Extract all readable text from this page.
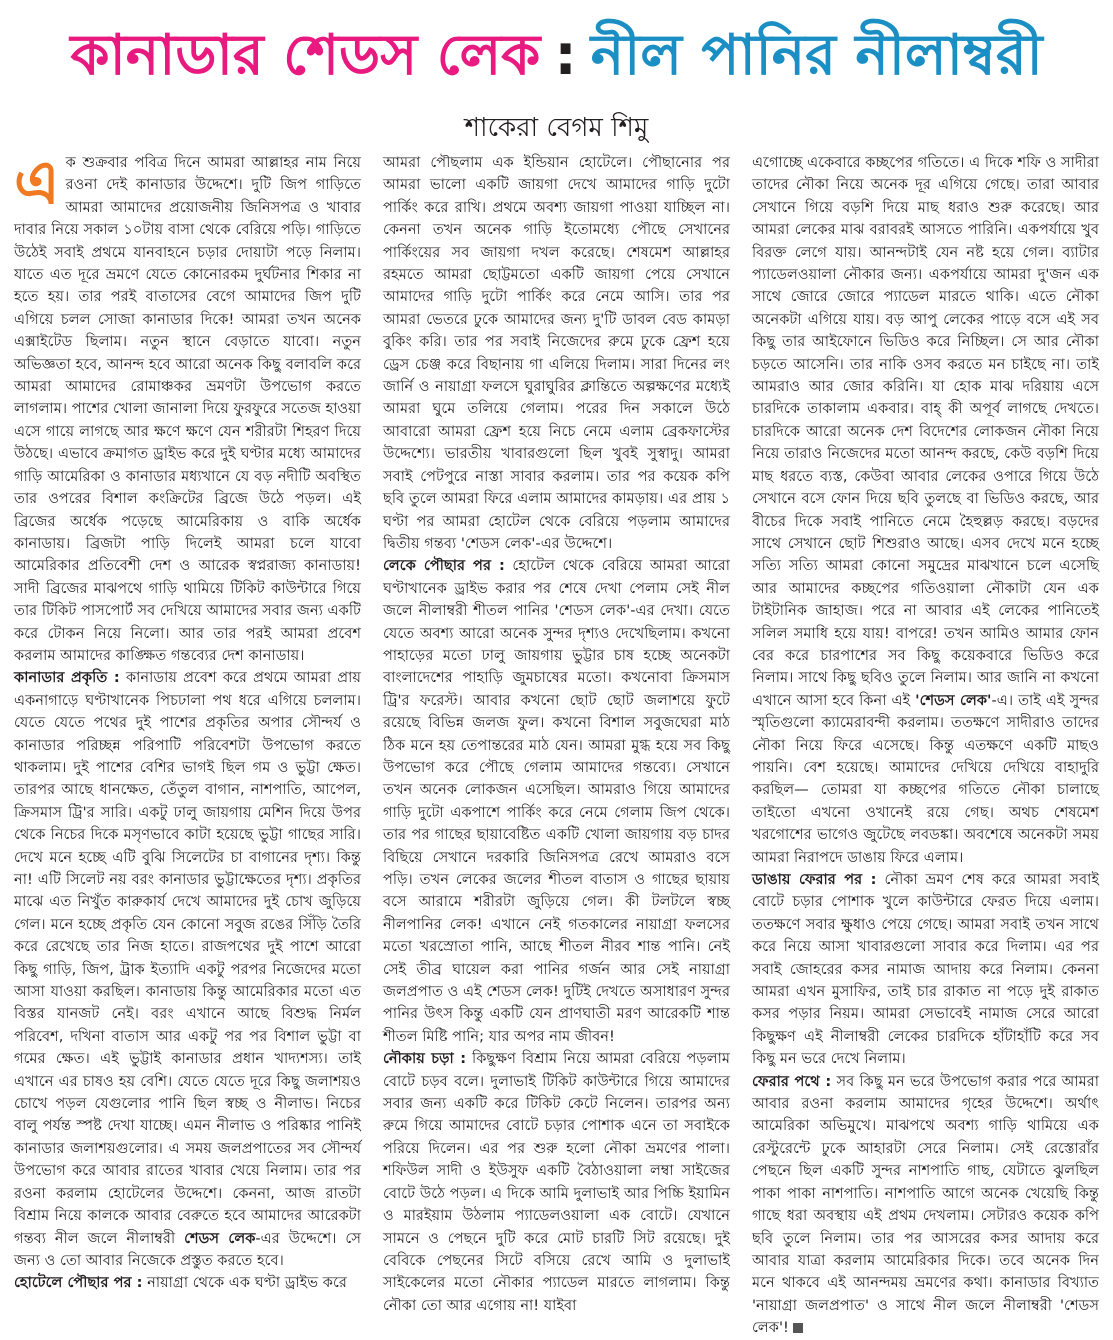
কানাডার শেডস লেক : নীল পানির নীলাম্বরী
শাকেরা বেগম শিমু

এক শুক্রবার পবিত্র দিনে আমরা আল্লাহর নাম নিয়ে রওনা দেই কানাডার উদ্দেশে। দুটি জিপ গাড়িতে আমরা আমাদের প্রয়োজনীয় জিনিসপত্র ও খাবার দাবার নিয়ে সকাল ১০টায় বাসা থেকে বেরিয়ে পড়ি। গাড়িতে উঠেই সবাই প্রথমে যানবাহনে চড়ার দোয়াটা পড়ে নিলাম। যাতে এত দূরে ভ্রমণে যেতে কোনোরকম দুর্ঘটনার শিকার না হতে হয়। তার পরই বাতাসের বেগে আমাদের জিপ দুটি এগিয়ে চলল সোজা কানাডার দিকে! আমরা তখন অনেক এক্সাইটেড ছিলাম। নতুন স্থানে বেড়াতে যাবো। নতুন অভিজ্ঞতা হবে, আনন্দ হবে আরো অনেক কিছু বলাবলি করে আমরা আমাদের রোমাঞ্চকর ভ্রমণটা উপভোগ করতে লাগলাম। পাশের খোলা জানালা দিয়ে ফুরফুরে সতেজ হাওয়া এসে গায়ে লাগছে আর ক্ষণে ক্ষণে যেন শরীরটা শিহরণ দিয়ে উঠছে। এভাবে ক্রমাগত ড্রাইভ করে দুই ঘণ্টার মধ্যে আমাদের গাড়ি আমেরিকা ও কানাডার মধ্যখানে যে বড় নদীটি অবস্থিত তার ওপরের বিশাল কংক্রিটের ব্রিজে উঠে পড়ল। এই ব্রিজের অর্ধেক পড়েছে আমেরিকায় ও বাকি অর্ধেক কানাডায়। ব্রিজটা পাড়ি দিলেই আমরা চলে যাবো আমেরিকার প্রতিবেশী দেশ ও আরেক স্বপ্নরাজ্য কানাডায়! সাদী ব্রিজের মাঝপথে গাড়ি থামিয়ে টিকিট কাউন্টারে গিয়ে তার টিকিট পাসপোর্ট সব দেখিয়ে আমাদের সবার জন্য একটি করে টোকন নিয়ে নিলো। আর তার পরই আমরা প্রবেশ করলাম আমাদের কাঙ্ক্ষিত গন্তব্যের দেশ কানাডায়।

কানাডার প্রকৃতি : কানাডায় প্রবেশ করে প্রথমে আমরা প্রায় একনাগাড়ে ঘণ্টাখানেক পিচঢালা পথ ধরে এগিয়ে চললাম। যেতে যেতে পথের দুই পাশের প্রকৃতির অপার সৌন্দর্য ও কানাডার পরিচ্ছন্ন পরিপাটি পরিবেশটা উপভোগ করতে থাকলাম। দুই পাশের বেশির ভাগই ছিল গম ও ভুট্টা ক্ষেত। তারপর আছে ধানক্ষেত, তেঁতুল বাগান, নাশপাতি, আপেল, ক্রিসমাস ট্রি'র সারি। একটু ঢালু জায়গায় মেশিন দিয়ে উপর থেকে নিচের দিকে মসৃণভাবে কাটা হয়েছে ভুট্টা গাছের সারি। দেখে মনে হচ্ছে এটি বুঝি সিলেটের চা বাগানের দৃশ্য। কিন্তু না! এটি সিলেট নয় বরং কানাডার ভুট্টাক্ষেতের দৃশ্য। প্রকৃতির মাঝে এত নিখুঁত কারুকার্য দেখে আমাদের দুই চোখ জুড়িয়ে গেল। মনে হচ্ছে প্রকৃতি যেন কোনো সবুজ রঙের সিঁড়ি তৈরি করে রেখেছে তার নিজ হাতে। রাজপথের দুই পাশে আরো কিছু গাড়ি, জিপ, ট্রাক ইত্যাদি একটু পরপর নিজেদের মতো আসা যাওয়া করছিল। কানাডায় কিন্তু আমেরিকার মতো এত বিস্তর যানজট নেই। বরং এখানে আছে বিশুদ্ধ নির্মল পরিবেশ, দখিনা বাতাস আর একটু পর পর বিশাল ভুট্টা বা গমের ক্ষেত। এই ভুট্টাই কানাডার প্রধান খাদ্যশস্য। তাই এখানে এর চাষও হয় বেশি। যেতে যেতে দূরে কিছু জলাশয়ও চোখে পড়ল যেগুলোর পানি ছিল স্বচ্ছ ও নীলাভ। নিচের বালু পর্যন্ত স্পষ্ট দেখা যাচ্ছে। এমন নীলাভ ও পরিষ্কার পানিই কানাডার জলাশয়গুলোর। এ সময় জলপ্রপাতের সব সৌন্দর্য উপভোগ করে আবার রাতের খাবার খেয়ে নিলাম। তার পর রওনা করলাম হোটেলের উদ্দেশে। কেননা, আজ রাতটা বিশ্রাম নিয়ে কালকে আবার বেরুতে হবে আমাদের আরেকটা গন্তব্য নীল জলে নীলাম্বরী শেডস লেক-এর উদ্দেশে। সে জন্য ও তো আবার নিজেকে প্রস্তুত করতে হবে।

হোটেলে পৌছার পর : নায়াগ্রা থেকে এক ঘণ্টা ড্রাইভ করে

আমরা পৌছলাম এক ইন্ডিয়ান হোটেলে। পৌছানোর পর আমরা ভালো একটি জায়গা দেখে আমাদের গাড়ি দুটো পার্কিং করে রাখি। প্রথমে অবশ্য জায়গা পাওয়া যাচ্ছিল না। কেননা তখন অনেক গাড়ি ইতোমধ্যে পৌছে সেখানের পার্কিংয়ের সব জায়গা দখল করেছে। শেষমেশ আল্লাহর রহমতে আমরা ছোট্টমতো একটি জায়গা পেয়ে সেখানে আমাদের গাড়ি দুটো পার্কিং করে নেমে আসি। তার পর আমরা ভেতরে ঢুকে আমাদের জন্য দু'টি ডাবল বেড কামড়া বুকিং করি। তার পর সবাই নিজেদের রুমে ঢুকে ফ্রেশ হয়ে ড্রেস চেঞ্জ করে বিছানায় গা এলিয়ে দিলাম। সারা দিনের লং জার্নি ও নায়াগ্রা ফলসে ঘুরাঘুরির ক্লান্তিতে অল্পক্ষণের মধ্যেই আমরা ঘুমে তলিয়ে গেলাম। পরের দিন সকালে উঠে আবারো আমরা ফ্রেশ হয়ে নিচে নেমে এলাম ব্রেকফাস্টের উদ্দেশ্যে। ভারতীয় খাবারগুলো ছিল খুবই সুস্বাদু। আমরা সবাই পেটপুরে নাস্তা সাবার করলাম। তার পর কয়েক কপি ছবি তুলে আমরা ফিরে এলাম আমাদের কামড়ায়। এর প্রায় ১ ঘণ্টা পর আমরা হোটেল থেকে বেরিয়ে পড়লাম আমাদের দ্বিতীয় গন্তব্য 'শেডস লেক'-এর উদ্দেশে।

লেকে পৌছার পর : হোটেল থেকে বেরিয়ে আমরা আরো ঘণ্টাখানেক ড্রাইভ করার পর শেষে দেখা পেলাম সেই নীল জলে নীলাম্বরী শীতল পানির 'শেডস লেক'-এর দেখা। যেতে যেতে অবশ্য আরো অনেক সুন্দর দৃশ্যও দেখেছিলাম। কখনো পাহাড়ের মতো ঢালু জায়গায় ভুট্টার চাষ হচ্ছে অনেকটা বাংলাদেশের পাহাড়ি জুমচাষের মতো। কখনোবা ক্রিসমাস ট্রি'র ফরেস্ট। আবার কখনো ছোট ছোট জলাশয়ে ফুটে রয়েছে বিভিন্ন জলজ ফুল। কখনো বিশাল সবুজঘেরা মাঠ ঠিক মনে হয় তেপান্তরের মাঠ যেন। আমরা মুগ্ধ হয়ে সব কিছু উপভোগ করে পৌছে গেলাম আমাদের গন্তব্যে। সেখানে তখন অনেক লোকজন এসেছিল। আমরাও গিয়ে আমাদের গাড়ি দুটো একপাশে পার্কিং করে নেমে গেলাম জিপ থেকে। তার পর গাছের ছায়াবেষ্টিত একটি খোলা জায়গায় বড় চাদর বিছিয়ে সেখানে দরকারি জিনিসপত্র রেখে আমরাও বসে পড়ি। তখন লেকের জলের শীতল বাতাস ও গাছের ছায়ায় বসে আরামে শরীরটা জুড়িয়ে গেল। কী টলটলে স্বচ্ছ নীলপানির লেক! এখানে নেই গতকালের নায়াগ্রা ফলসের মতো খরস্রোতা পানি, আছে শীতল নীরব শান্ত পানি। নেই সেই তীব্র ঘায়েল করা পানির গর্জন আর সেই নায়াগ্রা জলপ্রপাত ও এই শেডস লেক! দুটিই দেখতে অসাধারণ সুন্দর পানির উৎস কিন্তু একটি যেন প্রাণঘাতী মরণ আরেকটি শান্ত শীতল মিষ্টি পানি; যার অপর নাম জীবন!

নৌকায় চড়া : কিছুক্ষণ বিশ্রাম নিয়ে আমরা বেরিয়ে পড়লাম বোটে চড়ব বলে। দুলাভাই টিকিট কাউন্টারে গিয়ে আমাদের সবার জন্য একটি করে টিকিট কেটে নিলেন। তারপর অন্য রুমে গিয়ে আমাদের বোটে চড়ার পোশাক এনে তা সবাইকে পরিয়ে দিলেন। এর পর শুরু হলো নৌকা ভ্রমণের পালা। শফিউল সাদী ও ইউসুফ একটি বৈঠাওয়ালা লম্বা সাইজের বোটে উঠে পড়ল। এ দিকে আমি দুলাভাই আর পিচ্চি ইয়ামিন ও মারইয়াম উঠলাম প্যাডেলওয়ালা এক বোটে। যেখানে সামনে ও পেছনে দুটি করে মোট চারটি সিট রয়েছে। দুই বেবিকে পেছনের সিটে বসিয়ে রেখে আমি ও দুলাভাই সাইকেলের মতো নৌকার প্যাডেল মারতে লাগলাম। কিন্তু নৌকা তো আর এগোয় না! যাইবা

এগোচ্ছে একেবারে কচ্ছপের গতিতে। এ দিকে শফি ও সাদীরা তাদের নৌকা নিয়ে অনেক দূর এগিয়ে গেছে। তারা আবার সেখানে গিয়ে বড়শি দিয়ে মাছ ধরাও শুরু করেছে। আর আমরা লেকের মাঝ বরাবরই আসতে পারিনি। একপর্যায়ে খুব বিরক্ত লেগে যায়। আনন্দটাই যেন নষ্ট হয়ে গেল। ব্যাটার প্যাডেলওয়ালা নৌকার জন্য। একপর্যায়ে আমরা দু'জন এক সাথে জোরে জোরে প্যাডেল মারতে থাকি। এতে নৌকা অনেকটা এগিয়ে যায়। বড় আপু লেকের পাড়ে বসে এই সব কিছু তার আইফোনে ভিডিও করে নিচ্ছিল। সে আর নৌকা চড়তে আসেনি। তার নাকি ওসব করতে মন চাইছে না। তাই আমরাও আর জোর করিনি। যা হোক মাঝ দরিয়ায় এসে চারদিকে তাকালাম একবার। বাহ্ কী অপূর্ব লাগছে দেখতে। চারদিকে আরো অনেক দেশ বিদেশের লোকজন নৌকা নিয়ে নিয়ে তারাও নিজেদের মতো আনন্দ করছে, কেউ বড়শি দিয়ে মাছ ধরতে ব্যস্ত, কেউবা আবার লেকের ওপারে গিয়ে উঠে সেখানে বসে ফোন দিয়ে ছবি তুলছে বা ভিডিও করছে, আর বীচের দিকে সবাই পানিতে নেমে হৈহুল্লড় করছে। বড়দের সাথে সেখানে ছোট শিশুরাও আছে। এসব দেখে মনে হচ্ছে সত্যি সত্যি আমরা কোনো সমুদ্রের মাঝখানে চলে এসেছি আর আমাদের কচ্ছপের গতিওয়ালা নৌকাটা যেন এক টাইটানিক জাহাজ। পরে না আবার এই লেকের পানিতেই সলিল সমাধি হয়ে যায়! বাপরে! তখন আমিও আমার ফোন বের করে চারপাশের সব কিছু কয়েকবারে ভিডিও করে নিলাম। সাথে কিছু ছবিও তুলে নিলাম। আর জানি না কখনো এখানে আসা হবে কিনা এই 'শেডস লেক'-এ। তাই এই সুন্দর স্মৃতিগুলো ক্যামেরাবন্দী করলাম। ততক্ষণে সাদীরাও তাদের নৌকা নিয়ে ফিরে এসেছে। কিন্তু এতক্ষণে একটি মাছও পায়নি। বেশ হয়েছে। আমাদের দেখিয়ে দেখিয়ে বাহাদুরি করছিল— তোমরা যা কচ্ছপের গতিতে নৌকা চালাছে তাইতো এখনো ওখানেই রয়ে গেছ। অথচ শেষমেশ খরগোশের ভাগেও জুটেছে লবডঙ্কা। অবশেষে অনেকটা সময় আমরা নিরাপদে ডাঙায় ফিরে এলাম।

ডাঙায় ফেরার পর : নৌকা ভ্রমণ শেষ করে আমরা সবাই বোটে চড়ার পোশাক খুলে কাউন্টারে ফেরত দিয়ে এলাম। ততক্ষণে সবার ক্ষুধাও পেয়ে গেছে। আমরা সবাই তখন সাথে করে নিয়ে আসা খাবারগুলো সাবার করে দিলাম। এর পর সবাই জোহরের কসর নামাজ আদায় করে নিলাম। কেননা আমরা এখন মুসাফির, তাই চার রাকাত না পড়ে দুই রাকাত কসর পড়ার নিয়ম। আমরা সেভাবেই নামাজ সেরে আরো কিছুক্ষণ এই নীলাম্বরী লেকের চারদিকে হাঁটাহাঁটি করে সব কিছু মন ভরে দেখে নিলাম।

ফেরার পথে : সব কিছু মন ভরে উপভোগ করার পরে আমরা আবার রওনা করলাম আমাদের গৃহের উদ্দেশে। অর্থাৎ আমেরিকা অভিমুখে। মাঝপথে অবশ্য গাড়ি থামিয়ে এক রেস্টুরেন্টে ঢুকে আহারটা সেরে নিলাম। সেই রেস্তোরাঁর পেছনে ছিল একটি সুন্দর নাশপাতি গাছ, যেটাতে ঝুলছিল পাকা পাকা নাশপাতি। নাশপাতি আগে অনেক খেয়েছি কিন্তু গাছে ধরা অবস্থায় এই প্রথম দেখলাম। সেটারও কয়েক কপি ছবি তুলে নিলাম। তার পর আসরের কসর আদায় করে আবার যাত্রা করলাম আমেরিকার দিকে। তবে অনেক দিন মনে থাকবে এই আনন্দময় ভ্রমণের কথা। কানাডার বিখ্যাত 'নায়াগ্রা জলপ্রপাত' ও সাথে নীল জলে নীলাম্বরী 'শেডস লেক'!
